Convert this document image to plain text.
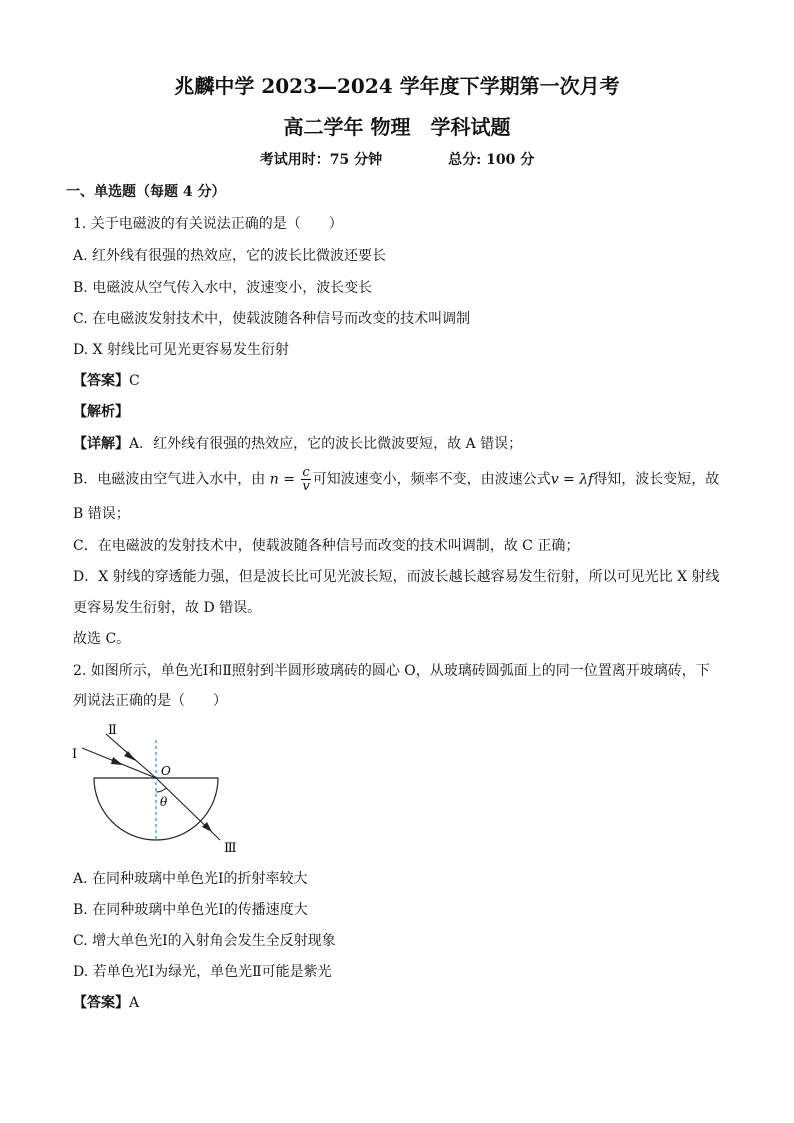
兆麟中学 2023—2024 学年度下学期第一次月考
高二学年 物理　学科试题
考试用时：75 分钟	总分: 100 分
一、单选题（每题 4 分）
1. 关于电磁波的有关说法正确的是（　　）
A. 红外线有很强的热效应，它的波长比微波还要长
B. 电磁波从空气传入水中，波速变小，波长变长
C. 在电磁波发射技术中，使载波随各种信号而改变的技术叫调制
D. X 射线比可见光更容易发生衍射
【答案】C
【解析】
【详解】A．红外线有很强的热效应，它的波长比微波要短，故 A 错误；
B．电磁波由空气进入水中，由 $n = \frac{c}{v}$ 可知波速变小，频率不变，由波速公式v = λf得知，波长变短，故
B 错误；
C．在电磁波的发射技术中，使载波随各种信号而改变的技术叫调制，故 C 正确；
D．X 射线的穿透能力强，但是波长比可见光波长短，而波长越长越容易发生衍射，所以可见光比 X 射线
更容易发生衍射，故 D 错误。
故选 C。
2. 如图所示，单色光Ⅰ和Ⅱ照射到半圆形玻璃砖的圆心 O，从玻璃砖圆弧面上的同一位置离开玻璃砖，下
列说法正确的是（　　）
Ⅰ
Ⅱ
O
θ
Ⅲ
A. 在同种玻璃中单色光Ⅰ的折射率较大
B. 在同种玻璃中单色光Ⅰ的传播速度大
C. 增大单色光Ⅰ的入射角会发生全反射现象
D. 若单色光Ⅰ为绿光，单色光Ⅱ可能是紫光
【答案】A
